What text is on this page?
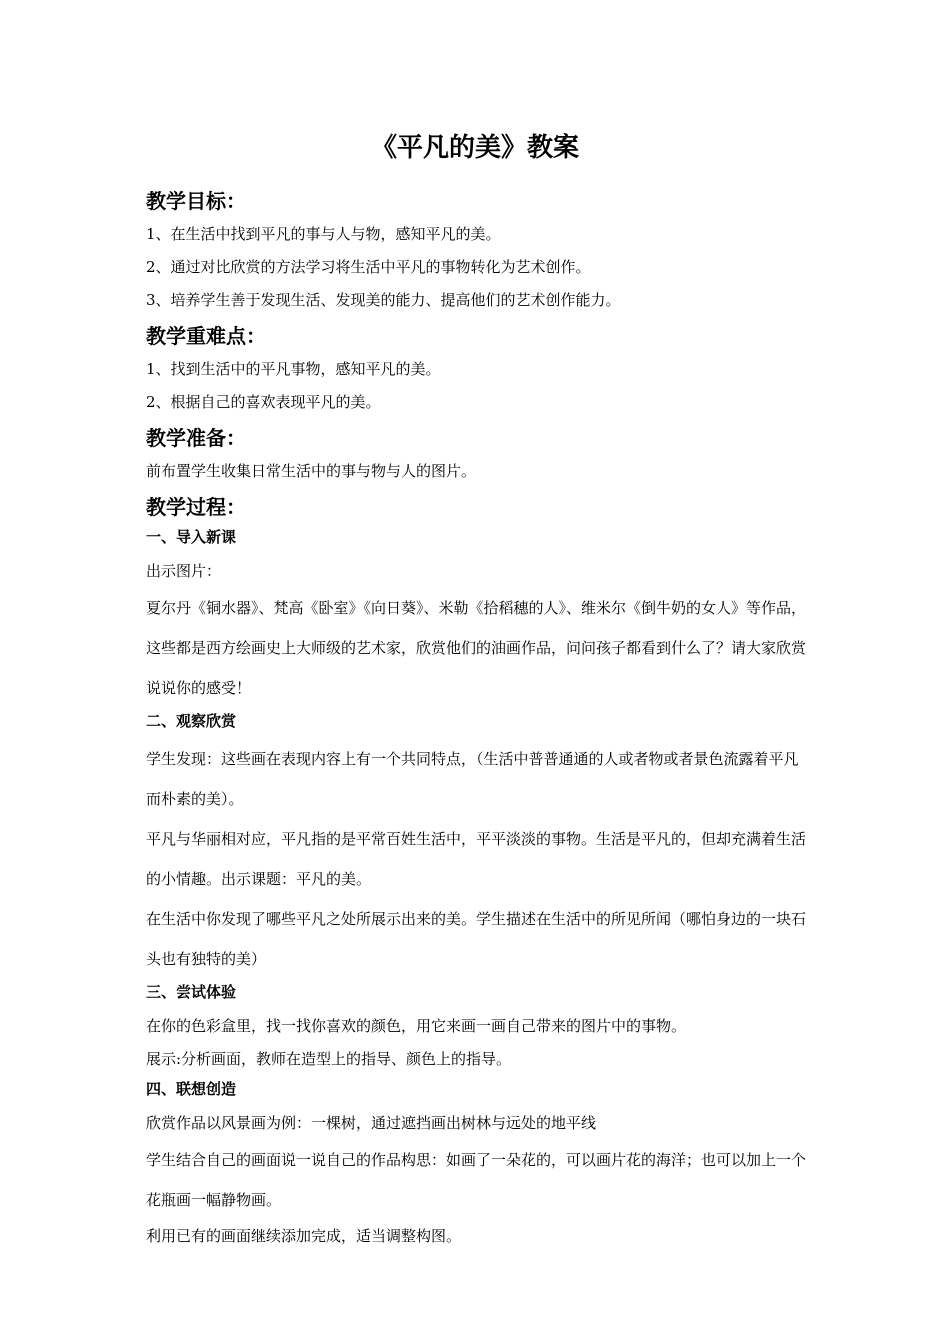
《平凡的美》教案
教学目标：

1、在生活中找到平凡的事与人与物，感知平凡的美。

2、通过对比欣赏的方法学习将生活中平凡的事物转化为艺术创作。

3、培养学生善于发现生活、发现美的能力、提高他们的艺术创作能力。

教学重难点：

1、找到生活中的平凡事物，感知平凡的美。

2、根据自己的喜欢表现平凡的美。

教学准备：

前布置学生收集日常生活中的事与物与人的图片。

教学过程：
一、导入新课

出示图片：

夏尔丹《铜水器》、梵高《卧室》《向日葵》、米勒《拾稻穗的人》、维米尔《倒牛奶的女人》等作品，这些都是西方绘画史上大师级的艺术家，欣赏他们的油画作品，问问孩子都看到什么了？请大家欣赏说说你的感受！

二、观察欣赏

学生发现：这些画在表现内容上有一个共同特点，（生活中普普通通的人或者物或者景色流露着平凡而朴素的美）。

平凡与华丽相对应，平凡指的是平常百姓生活中，平平淡淡的事物。生活是平凡的，但却充满着生活的小情趣。出示课题：平凡的美。

在生活中你发现了哪些平凡之处所展示出来的美。学生描述在生活中的所见所闻（哪怕身边的一块石头也有独特的美）

三、尝试体验

在你的色彩盒里，找一找你喜欢的颜色，用它来画一画自己带来的图片中的事物。

展示:分析画面，教师在造型上的指导、颜色上的指导。

四、联想创造

欣赏作品以风景画为例：一棵树，通过遮挡画出树林与远处的地平线

学生结合自己的画面说一说自己的作品构思：如画了一朵花的，可以画片花的海洋；也可以加上一个花瓶画一幅静物画。

利用已有的画面继续添加完成，适当调整构图。
